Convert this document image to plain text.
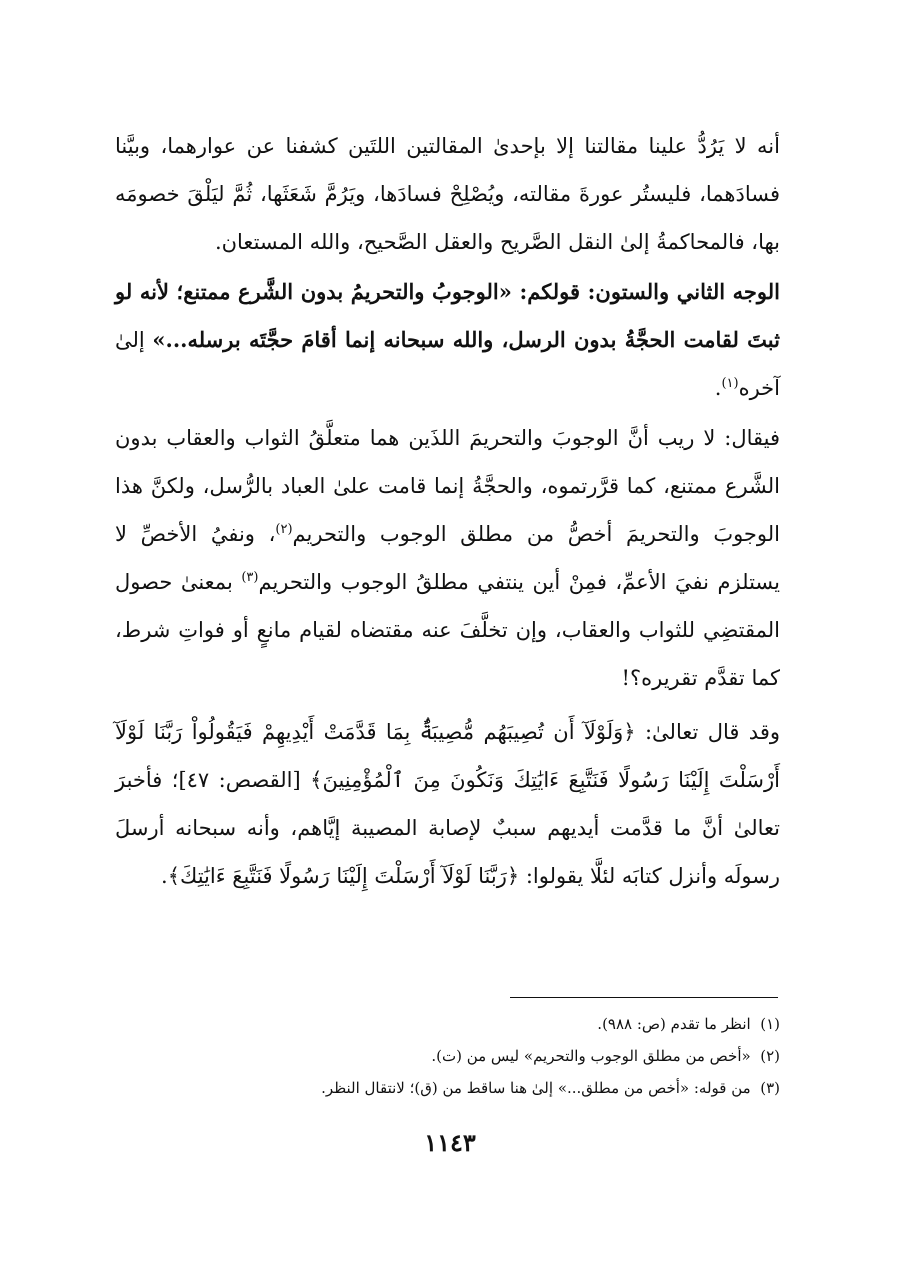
أنه لا يَرُدُّ علينا مقالتنا إلا بإحدىٰ المقالتين اللتَين كشفنا عن عوارهما، وبيَّنا فسادَهما، فليستُر عورةَ مقالته، ويُصْلِحْ فسادَها، ويَرُمَّ شَعَثَها، ثُمَّ ليَلْقَ خصومَه بها، فالمحاكمةُ إلىٰ النقل الصَّريح والعقل الصَّحيح، والله المستعان.

الوجه الثاني والستون: قولكم: «الوجوبُ والتحريمُ بدون الشَّرع ممتنع؛ لأنه لو ثبتَ لقامت الحجَّةُ بدون الرسل، والله سبحانه إنما أقامَ حجَّتَه برسله...» إلىٰ آخره$^{(١)}$.

فيقال: لا ريب أنَّ الوجوبَ والتحريمَ اللذَين هما متعلَّقُ الثواب والعقاب بدون الشَّرع ممتنع، كما قرَّرتموه، والحجَّةُ إنما قامت علىٰ العباد بالرُّسل، ولكنَّ هذا الوجوبَ والتحريمَ أخصُّ من مطلق الوجوب والتحريم$^{(٢)}$، ونفيُ الأخصِّ لا يستلزم نفيَ الأعمِّ، فمِنْ أين ينتفي مطلقُ الوجوب والتحريم$^{(٣)}$ بمعنىٰ حصول المقتضِي للثواب والعقاب، وإن تخلَّفَ عنه مقتضاه لقيام مانعٍ أو فواتِ شرط، كما تقدَّم تقريره؟!

وقد قال تعالىٰ: ﴿وَلَوْلَآ أَن تُصِيبَهُم مُّصِيبَةٌۢ بِمَا قَدَّمَتْ أَيْدِيهِمْ فَيَقُولُواْ رَبَّنَا لَوْلَآ أَرْسَلْتَ إِلَيْنَا رَسُولًا فَنَتَّبِعَ ءَايَٰتِكَ وَنَكُونَ مِنَ ٱلْمُؤْمِنِينَ﴾ [القصص: ٤٧]؛ فأخبرَ تعالىٰ أنَّ ما قدَّمت أيديهم سببٌ لإصابة المصيبة إيَّاهم، وأنه سبحانه أرسلَ رسولَه وأنزل كتابَه لئلَّا يقولوا: ﴿رَبَّنَا لَوْلَآ أَرْسَلْتَ إِلَيْنَا رَسُولًا فَنَتَّبِعَ ءَايَٰتِكَ﴾.

(١)  انظر ما تقدم (ص: ٩٨٨).

(٢)  «أخص من مطلق الوجوب والتحريم» ليس من (ت).

(٣)  من قوله: «أخص من مطلق...» إلىٰ هنا ساقط من (ق)؛ لانتقال النظر.

١١٤٣
